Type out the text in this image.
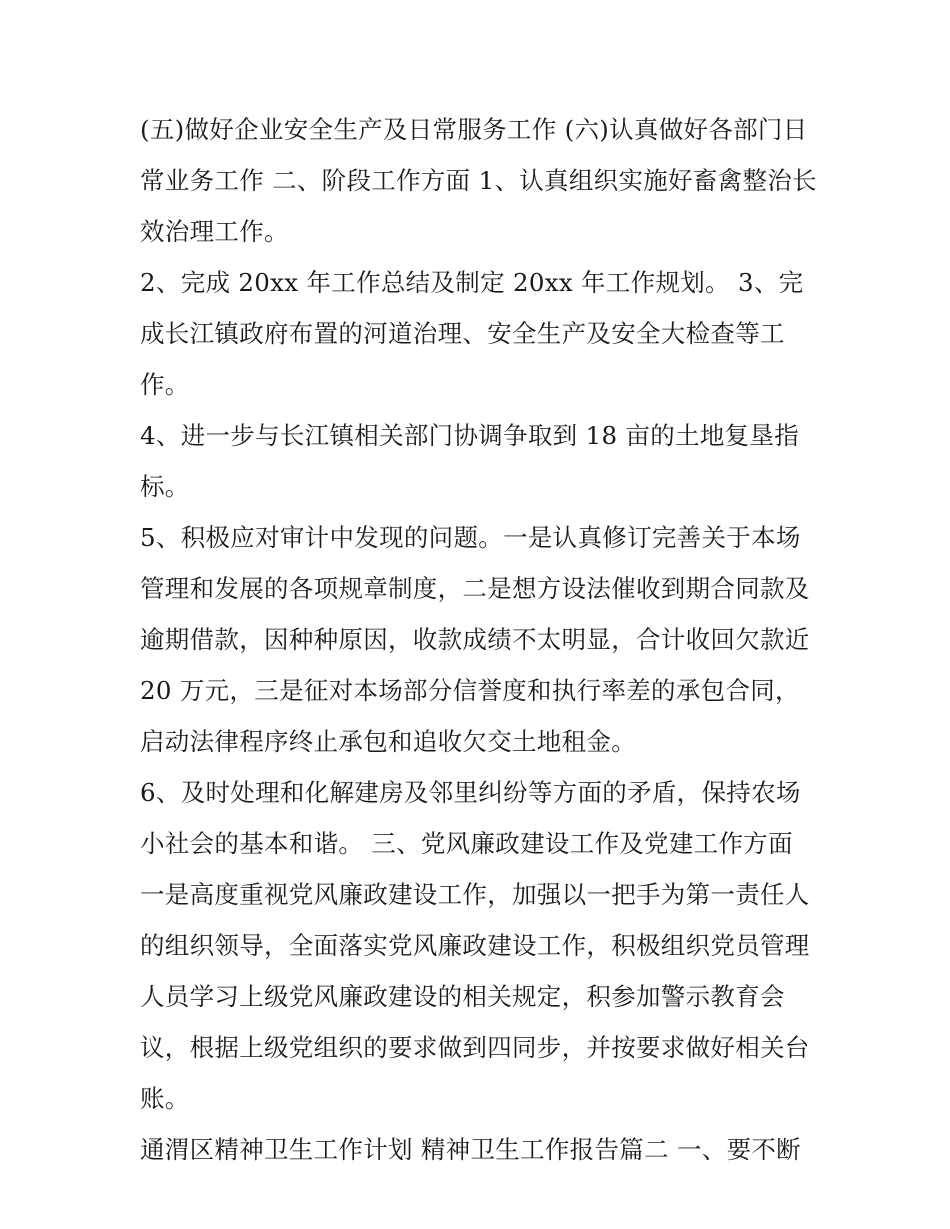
(五)做好企业安全生产及日常服务工作 (六)认真做好各部门日常业务工作 二、阶段工作方面 1、认真组织实施好畜禽整治长效治理工作。

2、完成 20xx 年工作总结及制定 20xx 年工作规划。 3、完成长江镇政府布置的河道治理、安全生产及安全大检查等工作。

4、进一步与长江镇相关部门协调争取到 18 亩的土地复垦指标。

5、积极应对审计中发现的问题。一是认真修订完善关于本场管理和发展的各项规章制度，二是想方设法催收到期合同款及逾期借款，因种种原因，收款成绩不太明显，合计收回欠款近 20 万元，三是征对本场部分信誉度和执行率差的承包合同，启动法律程序终止承包和追收欠交土地租金。

6、及时处理和化解建房及邻里纠纷等方面的矛盾，保持农场小社会的基本和谐。 三、党风廉政建设工作及党建工作方面 一是高度重视党风廉政建设工作，加强以一把手为第一责任人的组织领导，全面落实党风廉政建设工作，积极组织党员管理人员学习上级党风廉政建设的相关规定，积参加警示教育会议，根据上级党组织的要求做到四同步，并按要求做好相关台账。

通渭区精神卫生工作计划 精神卫生工作报告篇二 一、要不断
